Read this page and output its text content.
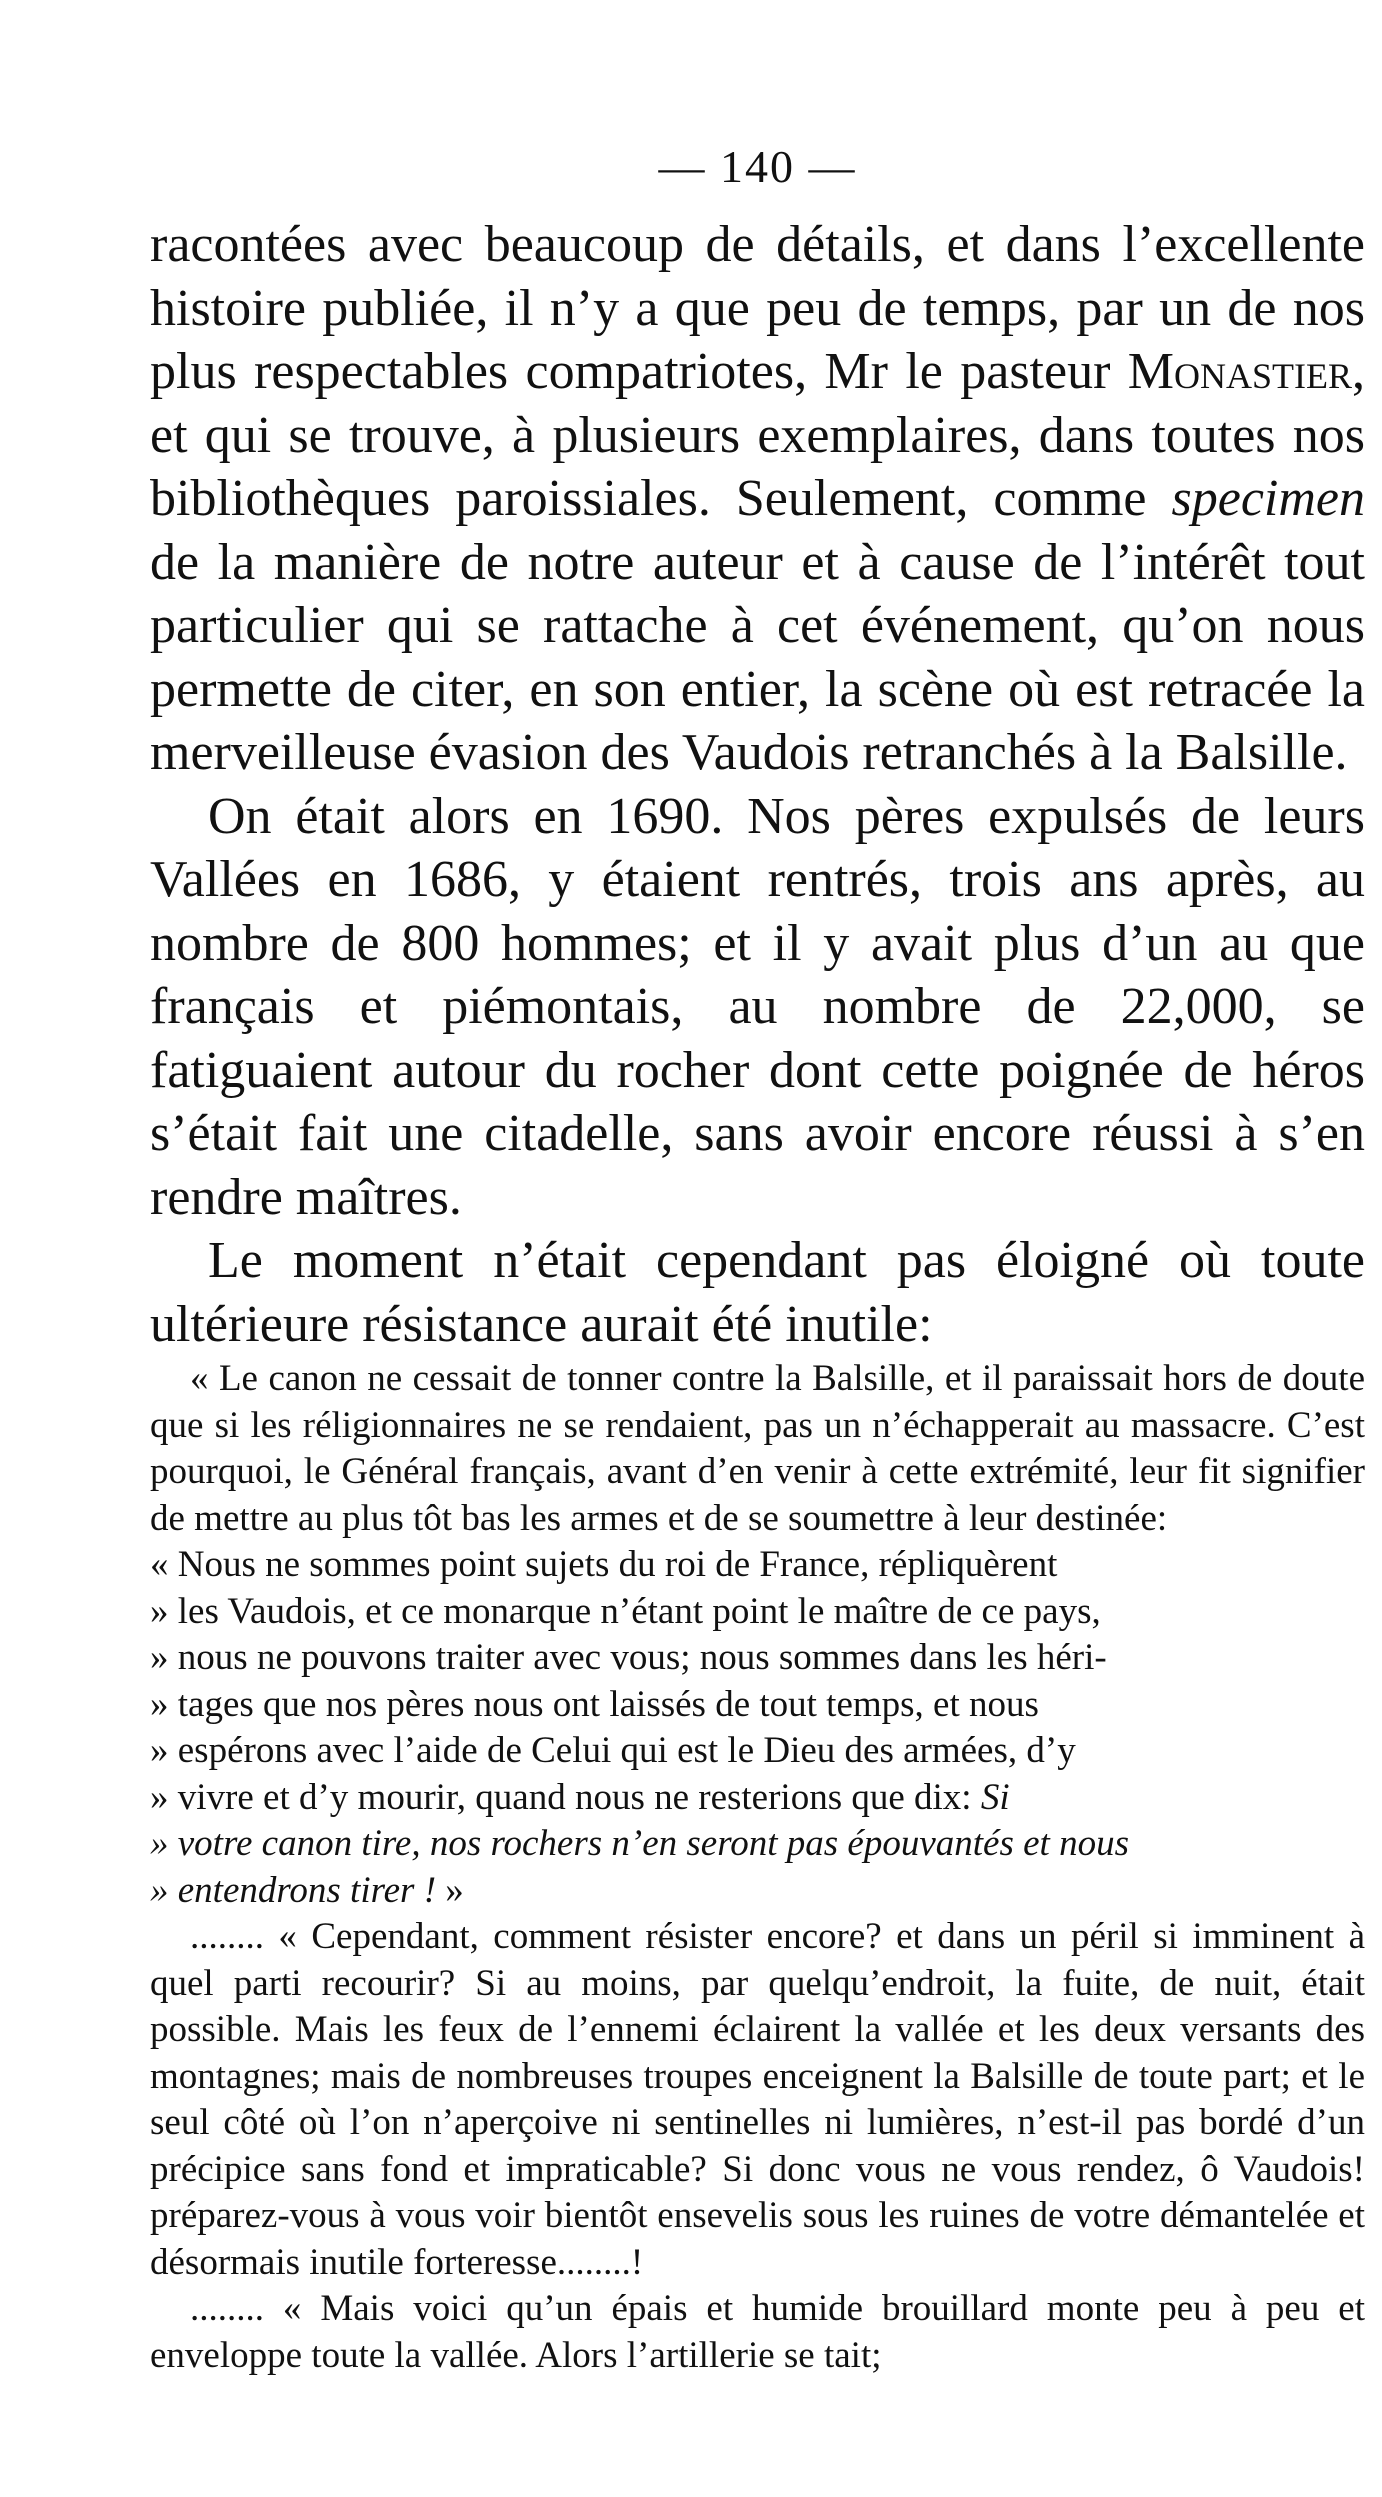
— 140 —

racontées avec beaucoup de détails, et dans l’excellente histoire publiée, il n’y a que peu de temps, par un de nos plus respectables compatriotes, Mr le pasteur Monastier, et qui se trouve, à plusieurs exemplaires, dans toutes nos bibliothèques paroissiales. Seulement, comme specimen de la manière de notre auteur et à cause de l’intérêt tout particulier qui se rattache à cet événement, qu’on nous permette de citer, en son entier, la scène où est retracée la merveilleuse évasion des Vaudois retranchés à la Balsille.

On était alors en 1690. Nos pères expulsés de leurs Vallées en 1686, y étaient rentrés, trois ans après, au nombre de 800 hommes; et il y avait plus d’un au que français et piémontais, au nombre de 22,000, se fatiguaient autour du rocher dont cette poignée de héros s’était fait une citadelle, sans avoir encore réussi à s’en rendre maîtres.

Le moment n’était cependant pas éloigné où toute ultérieure résistance aurait été inutile:

« Le canon ne cessait de tonner contre la Balsille, et il paraissait hors de doute que si les réligionnaires ne se rendaient, pas un n’échapperait au massacre. C’est pourquoi, le Général français, avant d’en venir à cette extrémité, leur fit signifier de mettre au plus tôt bas les armes et de se soumettre à leur destinée:

« Nous ne sommes point sujets du roi de France, répliquèrent
» les Vaudois, et ce monarque n’étant point le maître de ce pays,
» nous ne pouvons traiter avec vous; nous sommes dans les héri-
» tages que nos pères nous ont laissés de tout temps, et nous
» espérons avec l’aide de Celui qui est le Dieu des armées, d’y
» vivre et d’y mourir, quand nous ne resterions que dix: Si
» votre canon tire, nos rochers n’en seront pas épouvantés et nous
» entendrons tirer ! »

........ « Cependant, comment résister encore? et dans un péril si imminent à quel parti recourir? Si au moins, par quelqu’endroit, la fuite, de nuit, était possible. Mais les feux de l’ennemi éclairent la vallée et les deux versants des montagnes; mais de nombreuses troupes enceignent la Balsille de toute part; et le seul côté où l’on n’aperçoive ni sentinelles ni lumières, n’est-il pas bordé d’un précipice sans fond et impraticable? Si donc vous ne vous rendez, ô Vaudois! préparez-vous à vous voir bientôt ensevelis sous les ruines de votre démantelée et désormais inutile forteresse........!

........ « Mais voici qu’un épais et humide brouillard monte peu à peu et enveloppe toute la vallée. Alors l’artillerie se tait;
